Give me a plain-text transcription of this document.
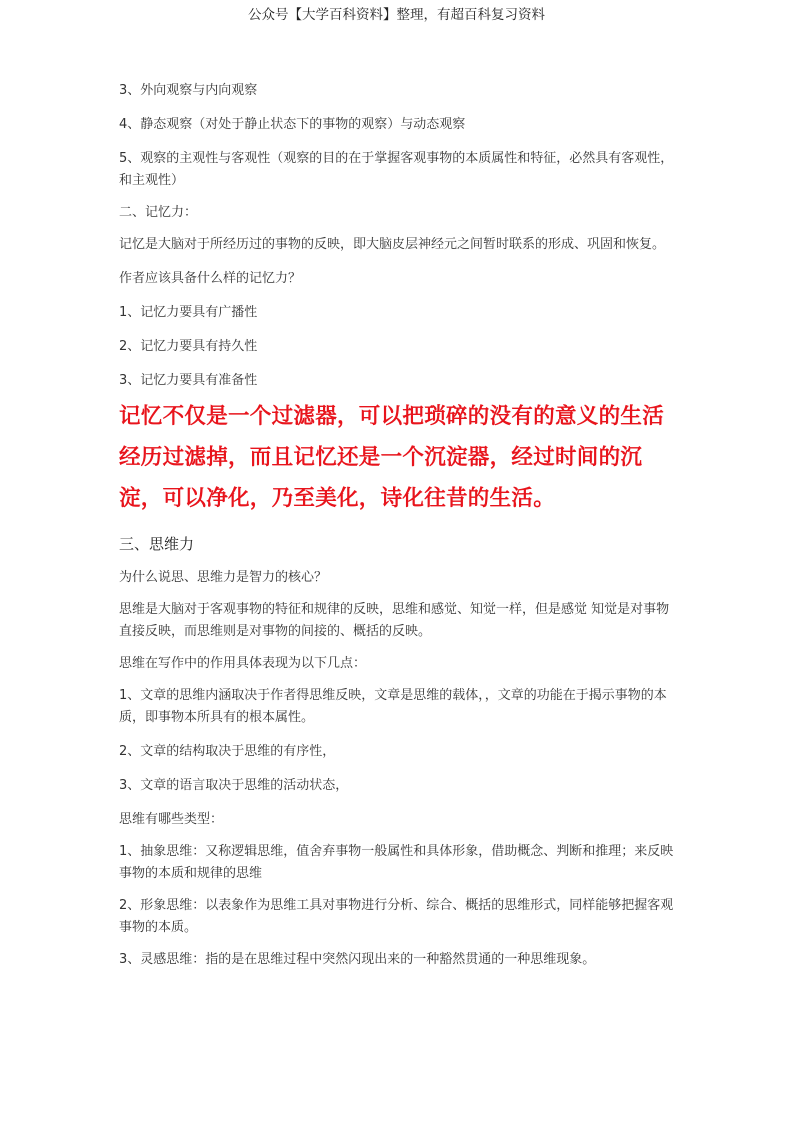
公众号【大学百科资料】整理，有超百科复习资料

3、外向观察与内向观察

4、静态观察（对处于静止状态下的事物的观察）与动态观察

5、观察的主观性与客观性（观察的目的在于掌握客观事物的本质属性和特征，必然具有客观性，和主观性）

二、记忆力：

记忆是大脑对于所经历过的事物的反映，即大脑皮层神经元之间暂时联系的形成、巩固和恢复。

作者应该具备什么样的记忆力？

1、记忆力要具有广播性

2、记忆力要具有持久性

3、记忆力要具有准备性

记忆不仅是一个过滤器，可以把琐碎的没有的意义的生活经历过滤掉，而且记忆还是一个沉淀器，经过时间的沉淀，可以净化，乃至美化，诗化往昔的生活。

三、思维力

为什么说思、思维力是智力的核心？

思维是大脑对于客观事物的特征和规律的反映，思维和感觉、知觉一样，但是感觉 知觉是对事物直接反映，而思维则是对事物的间接的、概括的反映。

思维在写作中的作用具体表现为以下几点：

1、文章的思维内涵取决于作者得思维反映，文章是思维的载体，，文章的功能在于揭示事物的本质，即事物本所具有的根本属性。

2、文章的结构取决于思维的有序性，

3、文章的语言取决于思维的活动状态，

思维有哪些类型：

1、抽象思维：又称逻辑思维，值舍弃事物一般属性和具体形象，借助概念、判断和推理；来反映事物的本质和规律的思维

2、形象思维：以表象作为思维工具对事物进行分析、综合、概括的思维形式，同样能够把握客观事物的本质。

3、灵感思维：指的是在思维过程中突然闪现出来的一种豁然贯通的一种思维现象。
